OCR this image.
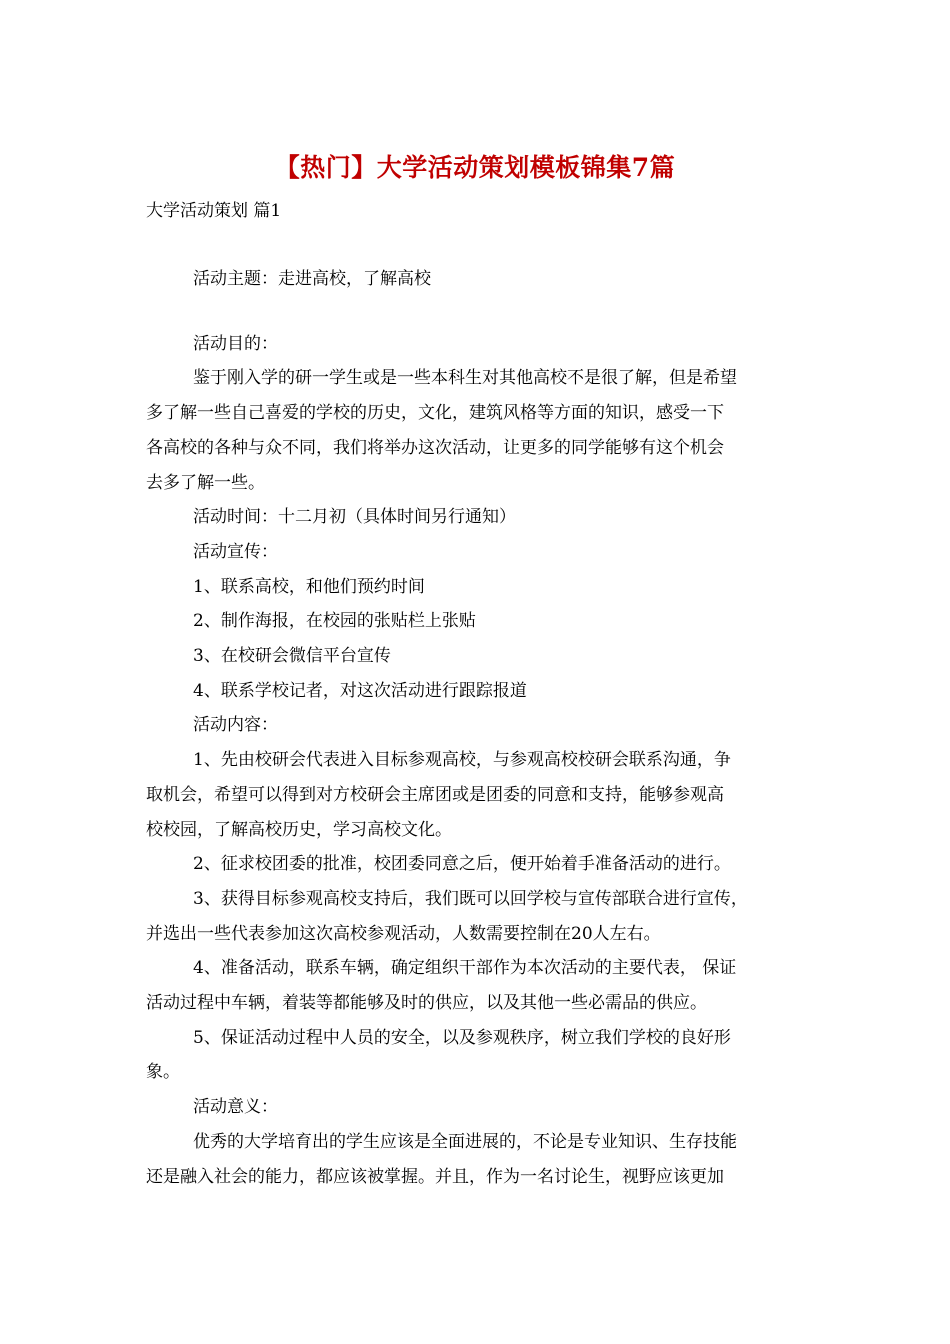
【热门】大学活动策划模板锦集7篇
大学活动策划 篇1

活动主题：走进高校，了解高校

活动目的：

鉴于刚入学的研一学生或是一些本科生对其他高校不是很了解，但是希望

多了解一些自己喜爱的学校的历史，文化，建筑风格等方面的知识，感受一下

各高校的各种与众不同，我们将举办这次活动，让更多的同学能够有这个机会

去多了解一些。

活动时间：十二月初（具体时间另行通知）

活动宣传：

1、联系高校，和他们预约时间

2、制作海报，在校园的张贴栏上张贴

3、在校研会微信平台宣传

4、联系学校记者，对这次活动进行跟踪报道

活动内容：

1、先由校研会代表进入目标参观高校，与参观高校校研会联系沟通，争

取机会，希望可以得到对方校研会主席团或是团委的同意和支持，能够参观高

校校园，了解高校历史，学习高校文化。

2、征求校团委的批准，校团委同意之后，便开始着手准备活动的进行。

3、获得目标参观高校支持后，我们既可以回学校与宣传部联合进行宣传，

并选出一些代表参加这次高校参观活动，人数需要控制在20人左右。

4、准备活动，联系车辆，确定组织干部作为本次活动的主要代表， 保证

活动过程中车辆，着装等都能够及时的供应，以及其他一些必需品的供应。

5、保证活动过程中人员的安全，以及参观秩序，树立我们学校的良好形

象。

活动意义：

优秀的大学培育出的学生应该是全面进展的，不论是专业知识、生存技能

还是融入社会的能力，都应该被掌握。并且，作为一名讨论生，视野应该更加
